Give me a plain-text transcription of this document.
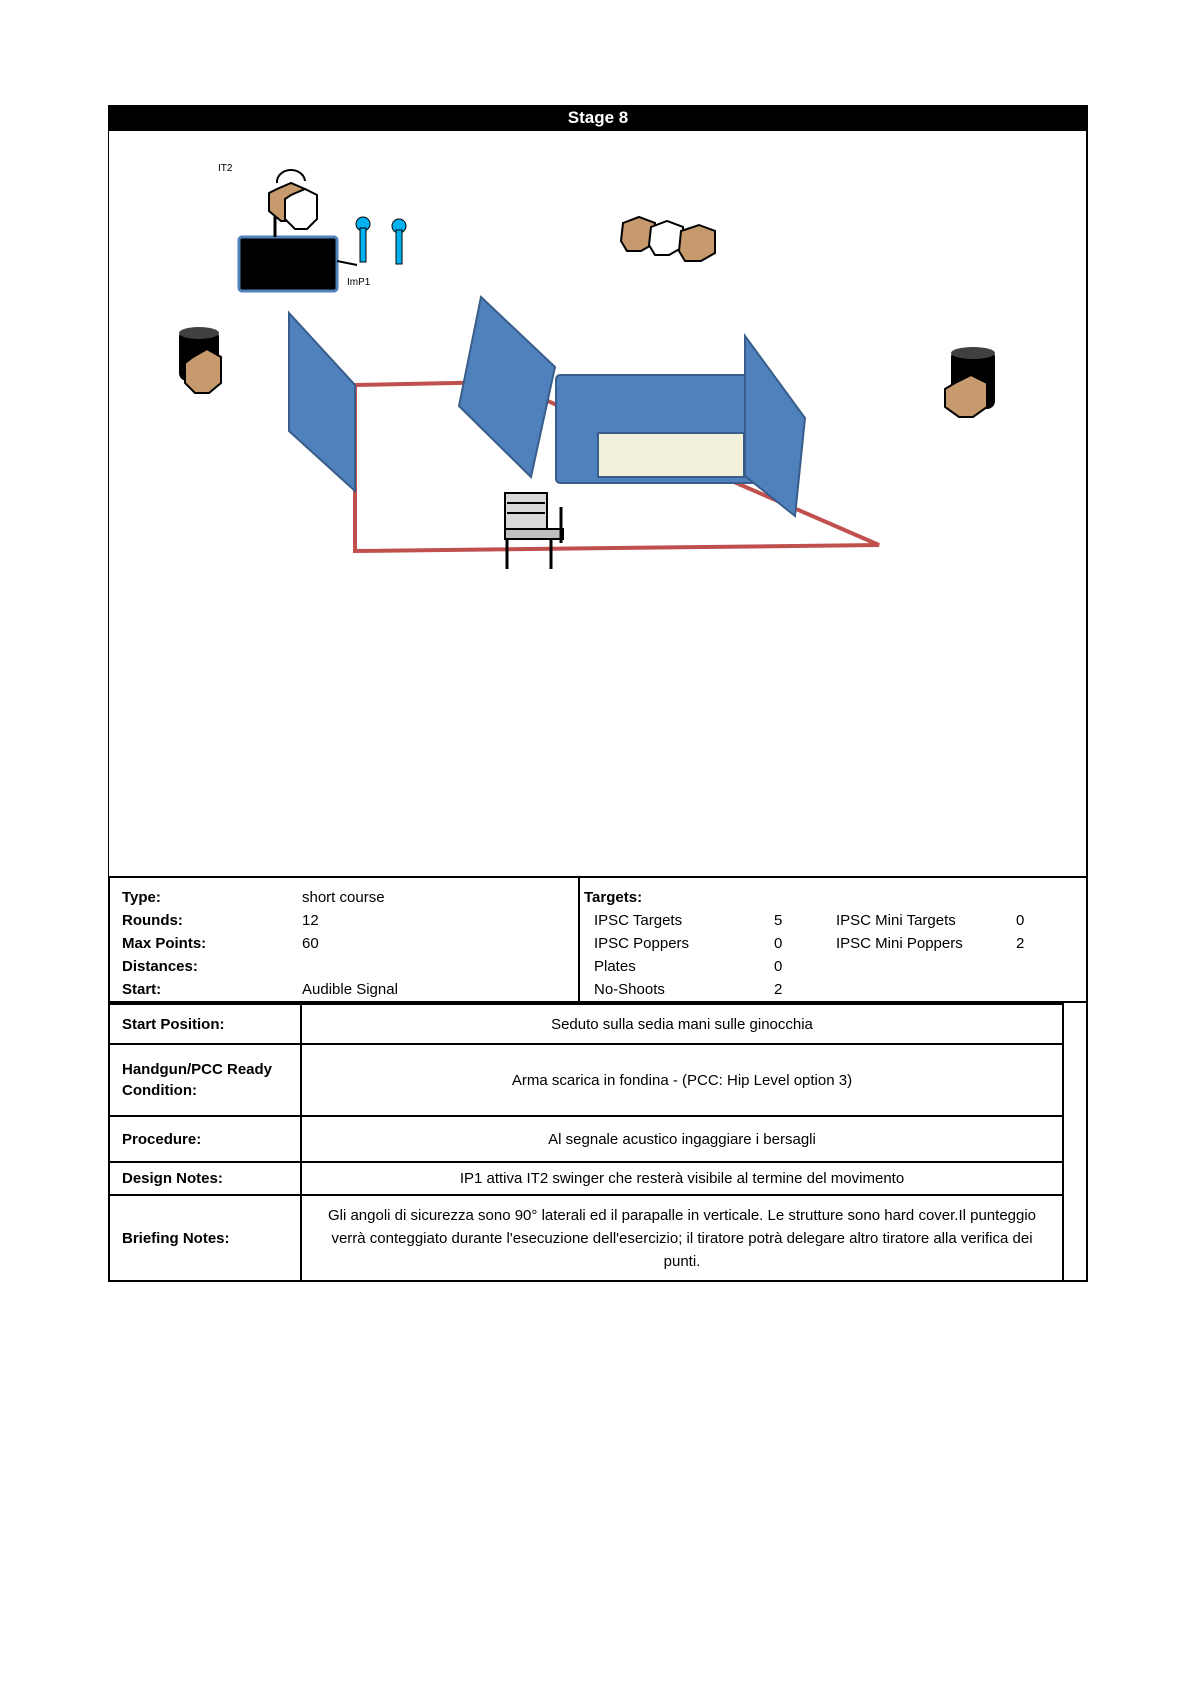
Stage 8
IT2
ImP1
Type:	short course
Rounds:	12
Max Points:	60
Distances:
Start:	Audible Signal
Targets:
IPSC Targets	5	IPSC Mini Targets	0
IPSC Poppers	0	IPSC Mini Poppers	2
Plates	0
No-Shoots	2
Start Position:	Seduto sulla sedia mani sulle ginocchia

Handgun/PCC Ready
Condition:	Arma scarica in fondina - (PCC: Hip Level option 3)
Procedure:	Al segnale acustico ingaggiare i bersagli
Design Notes:	IP1 attiva IT2 swinger che resterà visibile al termine del movimento
Briefing Notes:	Gli angoli di sicurezza sono 90° laterali ed il parapalle in verticale. Le strutture sono hard cover.Il punteggio verrà conteggiato durante l'esecuzione dell'esercizio; il tiratore potrà delegare altro tiratore alla verifica dei punti.
